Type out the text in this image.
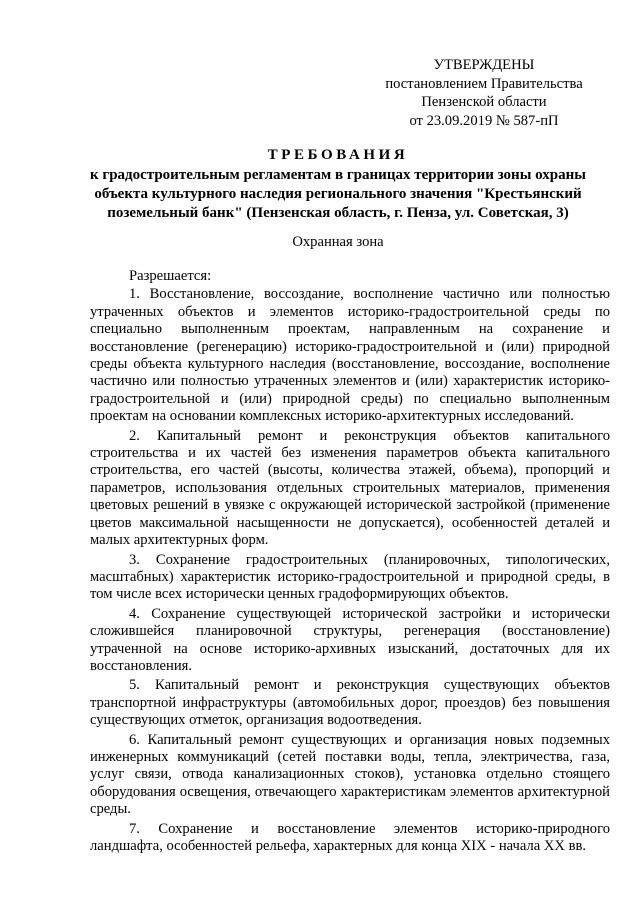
УТВЕРЖДЕНЫ
постановлением Правительства
Пензенской области
от 23.09.2019 № 587-пП
ТРЕБОВАНИЯ
к градостроительным регламентам в границах территории зоны охраны
объекта культурного наследия регионального значения "Крестьянский
поземельный банк" (Пензенская область, г. Пенза, ул. Советская, 3)
Охранная зона

Разрешается:

1. Восстановление, воссоздание, восполнение частично или полностью утраченных объектов и элементов историко-градостроительной среды по специально выполненным проектам, направленным на сохранение и восстановление (регенерацию) историко-градостроительной и (или) природной среды объекта культурного наследия (восстановление, воссоздание, восполнение частично или полностью утраченных элементов и (или) характеристик историко-градостроительной и (или) природной среды) по специально выполненным проектам на основании комплексных историко-архитектурных исследований.

2. Капитальный ремонт и реконструкция объектов капитального строительства и их частей без изменения параметров объекта капитального строительства, его частей (высоты, количества этажей, объема), пропорций и параметров, использования отдельных строительных материалов, применения цветовых решений в увязке с окружающей исторической застройкой (применение цветов максимальной насыщенности не допускается), особенностей деталей и малых архитектурных форм.

3. Сохранение градостроительных (планировочных, типологических, масштабных) характеристик историко-градостроительной и природной среды, в том числе всех исторически ценных градоформирующих объектов.

4. Сохранение существующей исторической застройки и исторически сложившейся планировочной структуры, регенерация (восстановление) утраченной на основе историко-архивных изысканий, достаточных для их восстановления.

5. Капитальный ремонт и реконструкция существующих объектов транспортной инфраструктуры (автомобильных дорог, проездов) без повышения существующих отметок, организация водоотведения.

6. Капитальный ремонт существующих и организация новых подземных инженерных коммуникаций (сетей поставки воды, тепла, электричества, газа, услуг связи, отвода канализационных стоков), установка отдельно стоящего оборудования освещения, отвечающего характеристикам элементов архитектурной среды.

7. Сохранение и восстановление элементов историко-природного ландшафта, особенностей рельефа, характерных для конца XIX - начала XX вв.
